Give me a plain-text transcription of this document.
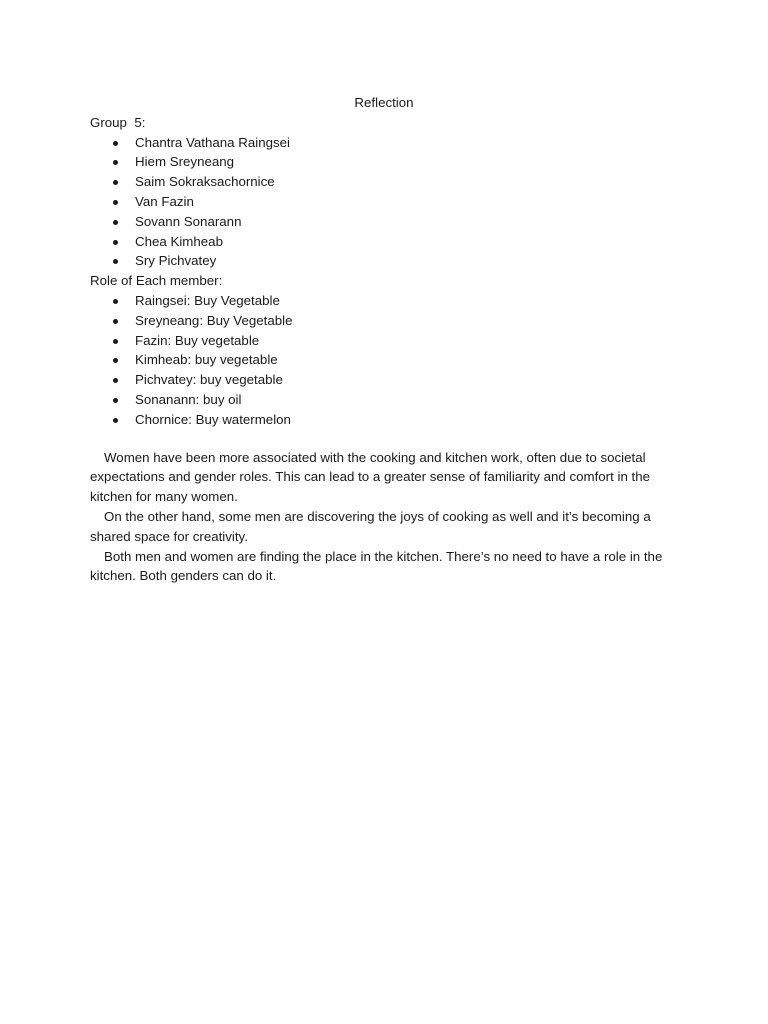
Reflection

Group  5:

Chantra Vathana Raingsei
Hiem Sreyneang
Saim Sokraksachornice
Van Fazin
Sovann Sonarann
Chea Kimheab
Sry Pichvatey

Role of Each member:

Raingsei: Buy Vegetable
Sreyneang: Buy Vegetable
Fazin: Buy vegetable
Kimheab: buy vegetable
Pichvatey: buy vegetable
Sonanann: buy oil
Chornice: Buy watermelon

Women have been more associated with the cooking and kitchen work, often due to societal expectations and gender roles. This can lead to a greater sense of familiarity and comfort in the kitchen for many women.

On the other hand, some men are discovering the joys of cooking as well and it’s becoming a shared space for creativity.

Both men and women are finding the place in the kitchen. There’s no need to have a role in the kitchen. Both genders can do it.
